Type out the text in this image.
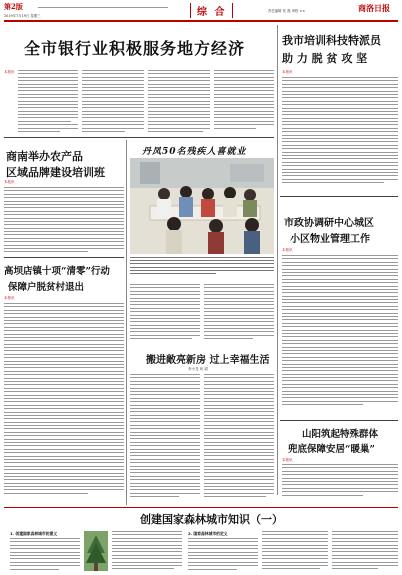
第2版
2019年7月19日 星期三	综 合	责任编辑 张 磊 审校 ××	商洛日报
全市银行业积极服务地方经济
本报讯
我市培训科技特派员
助 力 脱 贫 攻 坚
本报讯
商南举办农产品
区域品牌建设培训班
本报讯
高坝店镇十项“清零”行动
保障户脱贫村退出
本报讯
丹凤50名残疾人喜就业
搬进敞亮新房 过上幸福生活
李小龙 何 娟
市政协调研中心城区
小区物业管理工作
本报讯
山阳筑起特殊群体
兜底保障安居“暖巢”
本报讯
创建国家森林城市知识（一）
1. 创建国家森林城市的意义	2. 国家森林城市的定义
